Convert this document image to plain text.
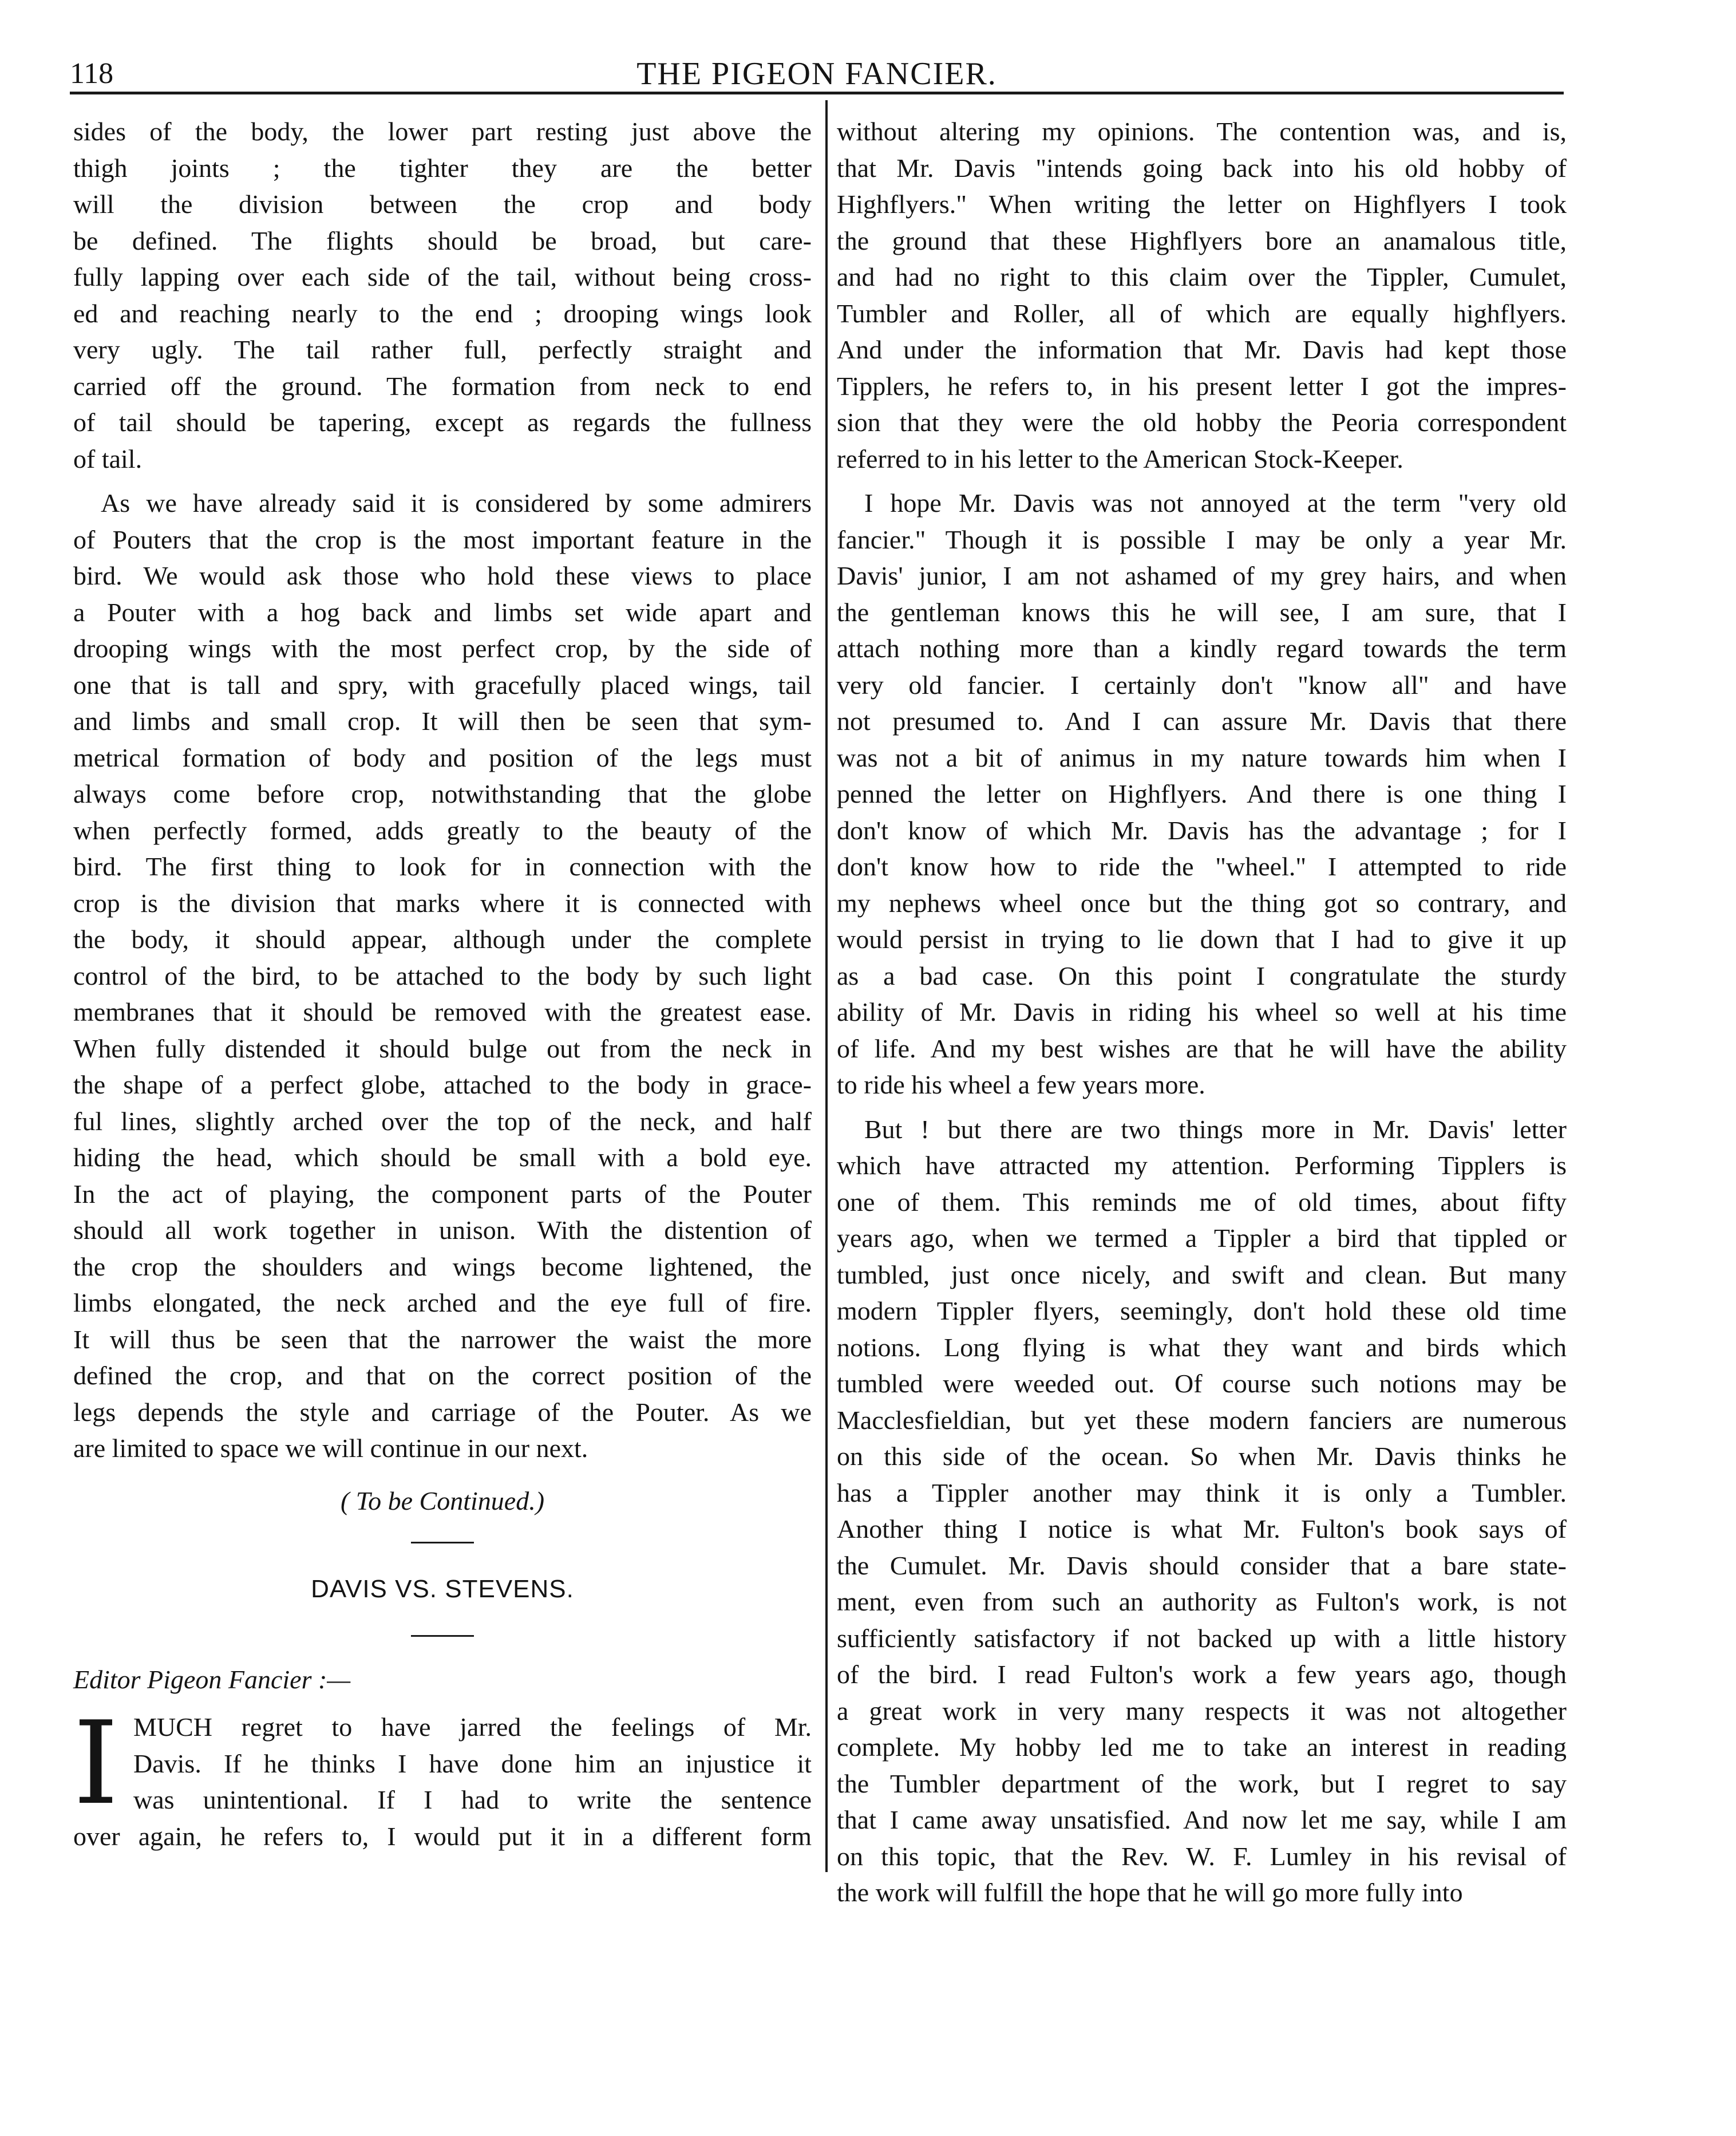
118	THE PIGEON FANCIER.
sides of the body, the lower part resting just above the
thigh joints ; the tighter they are the better
will the division between the crop and body
be defined. The flights should be broad, but care-
fully lapping over each side of the tail, without being cross-
ed and reaching nearly to the end ; drooping wings look
very ugly. The tail rather full, perfectly straight and
carried off the ground. The formation from neck to end
of tail should be tapering, except as regards the fullness
of tail.
As we have already said it is considered by some admirers
of Pouters that the crop is the most important feature in the
bird. We would ask those who hold these views to place
a Pouter with a hog back and limbs set wide apart and
drooping wings with the most perfect crop, by the side of
one that is tall and spry, with gracefully placed wings, tail
and limbs and small crop. It will then be seen that sym-
metrical formation of body and position of the legs must
always come before crop, notwithstanding that the globe
when perfectly formed, adds greatly to the beauty of the
bird. The first thing to look for in connection with the
crop is the division that marks where it is connected with
the body, it should appear, although under the complete
control of the bird, to be attached to the body by such light
membranes that it should be removed with the greatest ease.
When fully distended it should bulge out from the neck in
the shape of a perfect globe, attached to the body in grace-
ful lines, slightly arched over the top of the neck, and half
hiding the head, which should be small with a bold eye.
In the act of playing, the component parts of the Pouter
should all work together in unison. With the distention of
the crop the shoulders and wings become lightened, the
limbs elongated, the neck arched and the eye full of fire.
It will thus be seen that the narrower the waist the more
defined the crop, and that on the correct position of the
legs depends the style and carriage of the Pouter. As we
are limited to space we will continue in our next.
( To be Continued.)
DAVIS VS. STEVENS.
Editor Pigeon Fancier :—
I MUCH regret to have jarred the feelings of Mr.
Davis. If he thinks I have done him an injustice it
was unintentional. If I had to write the sentence
over again, he refers to, I would put it in a different form
without altering my opinions. The contention was, and is,
that Mr. Davis "intends going back into his old hobby of
Highflyers." When writing the letter on Highflyers I took
the ground that these Highflyers bore an anamalous title,
and had no right to this claim over the Tippler, Cumulet,
Tumbler and Roller, all of which are equally highflyers.
And under the information that Mr. Davis had kept those
Tipplers, he refers to, in his present letter I got the impres-
sion that they were the old hobby the Peoria correspondent
referred to in his letter to the American Stock-Keeper.
I hope Mr. Davis was not annoyed at the term "very old
fancier." Though it is possible I may be only a year Mr.
Davis' junior, I am not ashamed of my grey hairs, and when
the gentleman knows this he will see, I am sure, that I
attach nothing more than a kindly regard towards the term
very old fancier. I certainly don't "know all" and have
not presumed to. And I can assure Mr. Davis that there
was not a bit of animus in my nature towards him when I
penned the letter on Highflyers. And there is one thing I
don't know of which Mr. Davis has the advantage ; for I
don't know how to ride the "wheel." I attempted to ride
my nephews wheel once but the thing got so contrary, and
would persist in trying to lie down that I had to give it up
as a bad case. On this point I congratulate the sturdy
ability of Mr. Davis in riding his wheel so well at his time
of life. And my best wishes are that he will have the ability
to ride his wheel a few years more.
But ! but there are two things more in Mr. Davis' letter
which have attracted my attention. Performing Tipplers is
one of them. This reminds me of old times, about fifty
years ago, when we termed a Tippler a bird that tippled or
tumbled, just once nicely, and swift and clean. But many
modern Tippler flyers, seemingly, don't hold these old time
notions. Long flying is what they want and birds which
tumbled were weeded out. Of course such notions may be
Macclesfieldian, but yet these modern fanciers are numerous
on this side of the ocean. So when Mr. Davis thinks he
has a Tippler another may think it is only a Tumbler.
Another thing I notice is what Mr. Fulton's book says of
the Cumulet. Mr. Davis should consider that a bare state-
ment, even from such an authority as Fulton's work, is not
sufficiently satisfactory if not backed up with a little history
of the bird. I read Fulton's work a few years ago, though
a great work in very many respects it was not altogether
complete. My hobby led me to take an interest in reading
the Tumbler department of the work, but I regret to say
that I came away unsatisfied. And now let me say, while I am
on this topic, that the Rev. W. F. Lumley in his revisal of
the work will fulfill the hope that he will go more fully into
